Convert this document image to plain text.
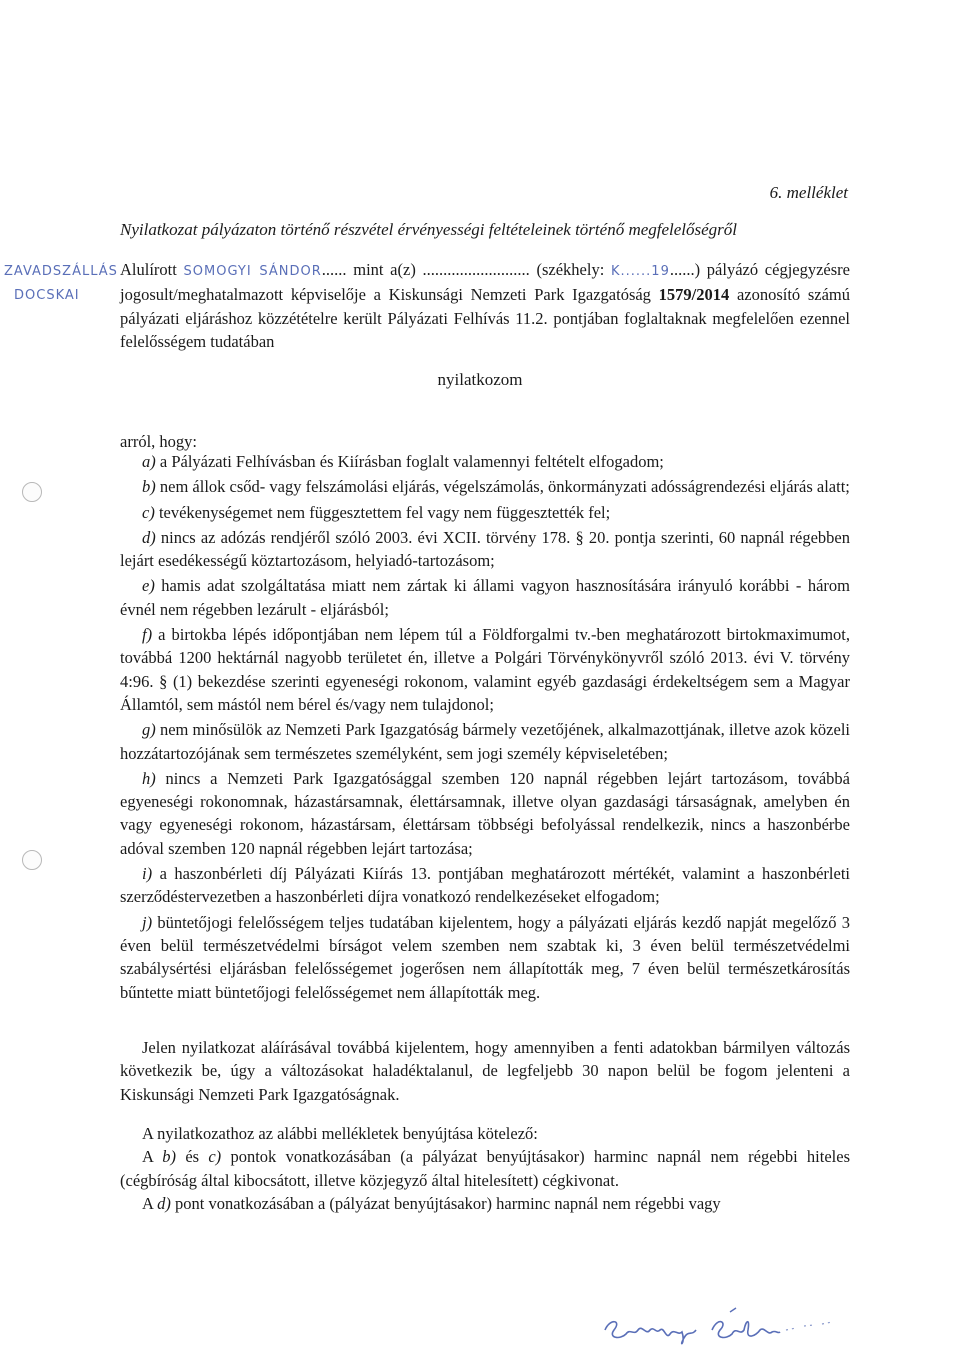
6. melléklet
Nyilatkozat pályázaton történő részvétel érvényességi feltételeinek történő megfelelőségről
ZAVADSZÁLLÁS
DOCSKAI

Alulírott SOMOGYI SÁNDOR...... mint a(z) .......................... (székhely: K......19......) pályázó cégjegyzésre jogosult/meghatalmazott képviselője a Kiskunsági Nemzeti Park Igazgatóság 1579/2014 azonosító számú pályázati eljáráshoz közzétételre került Pályázati Felhívás 11.2. pontjában foglaltaknak megfelelően ezennel felelősségem tudatában

nyilatkozom
arról, hogy:

a) a Pályázati Felhívásban és Kiírásban foglalt valamennyi feltételt elfogadom;

b) nem állok csőd- vagy felszámolási eljárás, végelszámolás, önkormányzati adósságrendezési eljárás alatt;

c) tevékenységemet nem függesztettem fel vagy nem függesztették fel;

d) nincs az adózás rendjéről szóló 2003. évi XCII. törvény 178. § 20. pontja szerinti, 60 napnál régebben lejárt esedékességű köztartozásom, helyiadó-tartozásom;

e) hamis adat szolgáltatása miatt nem zártak ki állami vagyon hasznosítására irányuló korábbi - három évnél nem régebben lezárult - eljárásból;

f) a birtokba lépés időpontjában nem lépem túl a Földforgalmi tv.-ben meghatározott birtokmaximumot, továbbá 1200 hektárnál nagyobb területet én, illetve a Polgári Törvénykönyvről szóló 2013. évi V. törvény 4:96. § (1) bekezdése szerinti egyeneségi rokonom, valamint egyéb gazdasági érdekeltségem sem a Magyar Államtól, sem mástól nem bérel és/vagy nem tulajdonol;

g) nem minősülök az Nemzeti Park Igazgatóság bármely vezetőjének, alkalmazottjának, illetve azok közeli hozzátartozójának sem természetes személyként, sem jogi személy képviseletében;

h) nincs a Nemzeti Park Igazgatósággal szemben 120 napnál régebben lejárt tartozásom, továbbá egyeneségi rokonomnak, házastársamnak, élettársamnak, illetve olyan gazdasági társaságnak, amelyben én vagy egyeneségi rokonom, házastársam, élettársam többségi befolyással rendelkezik, nincs a haszonbérbe adóval szemben 120 napnál régebben lejárt tartozása;

i) a haszonbérleti díj Pályázati Kiírás 13. pontjában meghatározott mértékét, valamint a haszonbérleti szerződéstervezetben a haszonbérleti díjra vonatkozó rendelkezéseket elfogadom;

j) büntetőjogi felelősségem teljes tudatában kijelentem, hogy a pályázati eljárás kezdő napját megelőző 3 éven belül természetvédelmi bírságot velem szemben nem szabtak ki, 3 éven belül természetvédelmi szabálysértési eljárásban felelősségemet jogerősen nem állapították meg, 7 éven belül természetkárosítás bűntette miatt büntetőjogi felelősségemet nem állapították meg.

Jelen nyilatkozat aláírásával továbbá kijelentem, hogy amennyiben a fenti adatokban bármilyen változás következik be, úgy a változásokat haladéktalanul, de legfeljebb 30 napon belül be fogom jelenteni a Kiskunsági Nemzeti Park Igazgatóságnak.

A nyilatkozathoz az alábbi mellékletek benyújtása kötelező:

A b) és c) pontok vonatkozásában (a pályázat benyújtásakor) harminc napnál nem régebbi hiteles (cégbíróság által kibocsátott, illetve közjegyző által hitelesített) cégkivonat.

A d) pont vonatkozásában a (pályázat benyújtásakor) harminc napnál nem régebbi vagy
